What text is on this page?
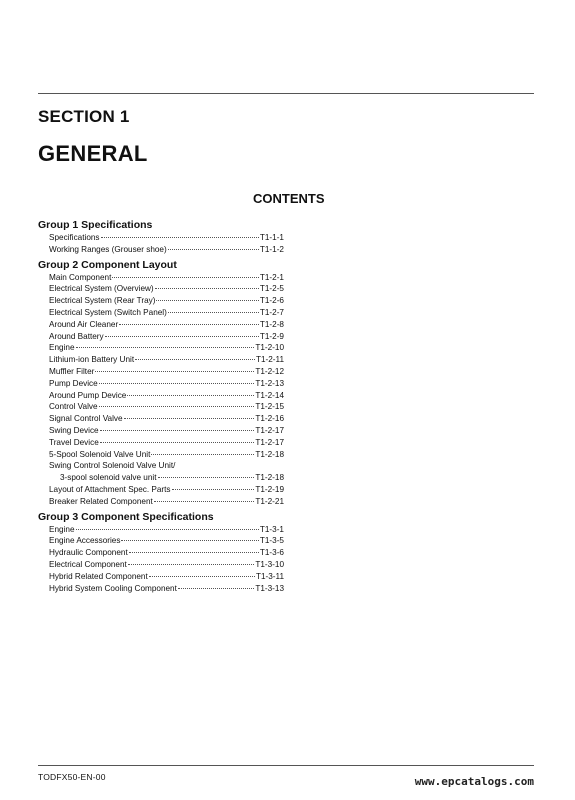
SECTION 1
GENERAL
CONTENTS
Group 1 Specifications
Specifications	T1-1-1
Working Ranges (Grouser shoe)	T1-1-2
Group 2 Component Layout
Main Component	T1-2-1
Electrical System (Overview)	T1-2-5
Electrical System (Rear Tray)	T1-2-6
Electrical System (Switch Panel)	T1-2-7
Around Air Cleaner	T1-2-8
Around Battery	T1-2-9
Engine	T1-2-10
Lithium-ion Battery Unit	T1-2-11
Muffler Filter	T1-2-12
Pump Device	T1-2-13
Around Pump Device	T1-2-14
Control Valve	T1-2-15
Signal Control Valve	T1-2-16
Swing Device	T1-2-17
Travel Device	T1-2-17
5-Spool Solenoid Valve Unit	T1-2-18
Swing Control Solenoid Valve Unit/
3-spool solenoid valve unit	T1-2-18
Layout of Attachment Spec. Parts	T1-2-19
Breaker Related Component	T1-2-21
Group 3 Component Specifications
Engine	T1-3-1
Engine Accessories	T1-3-5
Hydraulic Component	T1-3-6
Electrical Component	T1-3-10
Hybrid Related Component	T1-3-11
Hybrid System Cooling Component	T1-3-13

TODFX50-EN-00	www.epcatalogs.com
